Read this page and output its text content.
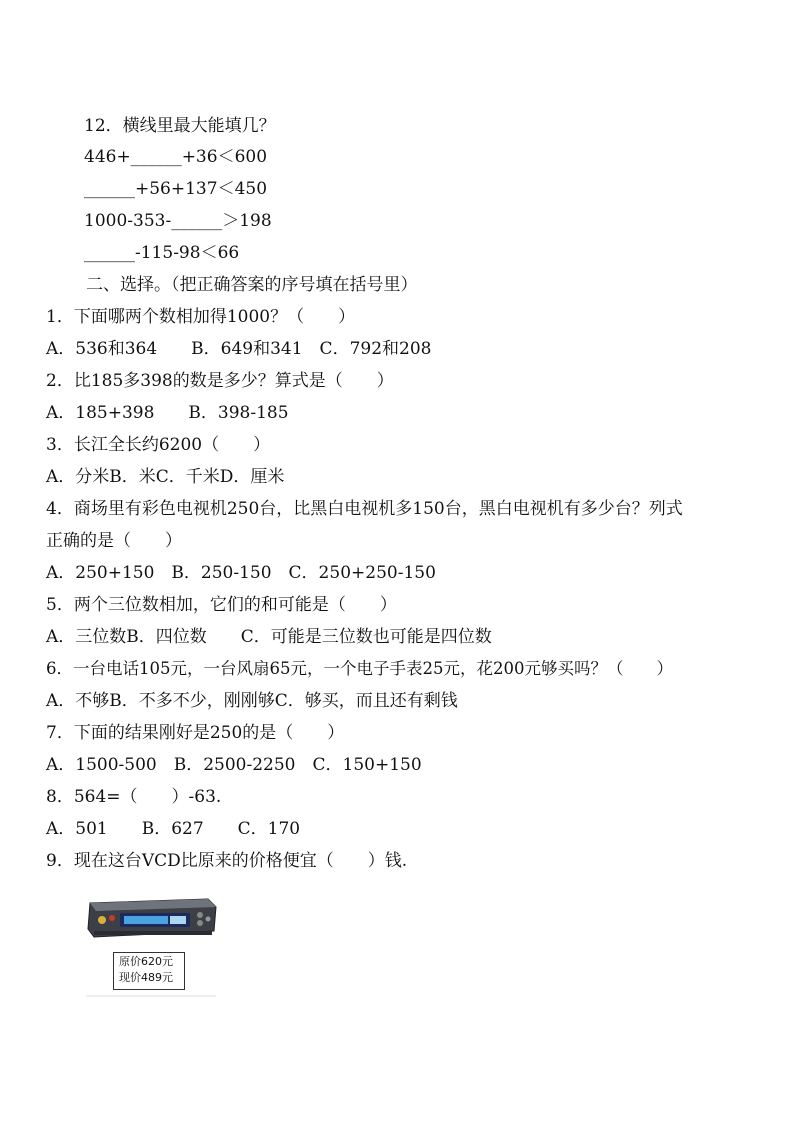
12．横线里最大能填几？
446+______+36＜600
______+56+137＜450
1000-353-______＞198
______-115-98＜66
二、选择。（把正确答案的序号填在括号里）
1．下面哪两个数相加得1000？（　　）
A．536和364　　B．649和341　C．792和208
2．比185多398的数是多少？算式是（　　）
A．185+398　　B．398-185
3．长江全长约6200（　　）
A．分米B．米C．千米D．厘米
4．商场里有彩色电视机250台，比黑白电视机多150台，黑白电视机有多少台？列式
正确的是（　　）
A．250+150　B．250-150　C．250+250-150
5．两个三位数相加，它们的和可能是（　　）
A．三位数B．四位数　　C．可能是三位数也可能是四位数
6．一台电话105元，一台风扇65元，一个电子手表25元，花200元够买吗？（　　）
A．不够B．不多不少，刚刚够C．够买，而且还有剩钱
7．下面的结果刚好是250的是（　　）
A．1500-500　B．2500-2250　C．150+150
8．564=（　　）-63.
A．501　　B．627　　C．170
9．现在这台VCD比原来的价格便宜（　　）钱.
原价620元
现价489元
